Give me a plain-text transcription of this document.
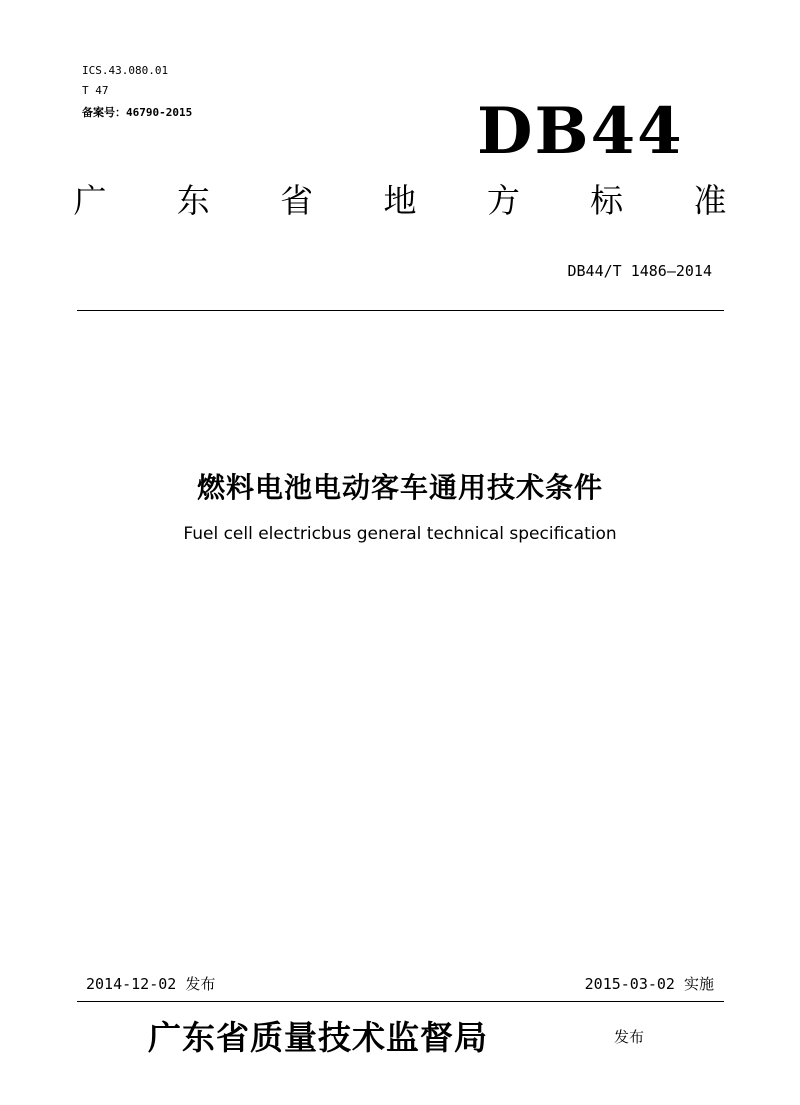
ICS.43.080.01
T 47
备案号：46790-2015	DB44
广 东 省 地 方 标 准
DB44/T 1486—2014
燃料电池电动客车通用技术条件
Fuel cell electricbus general technical specification
2014-12-02 发布	2015-03-02 实施
广东省质量技术监督局	发布
